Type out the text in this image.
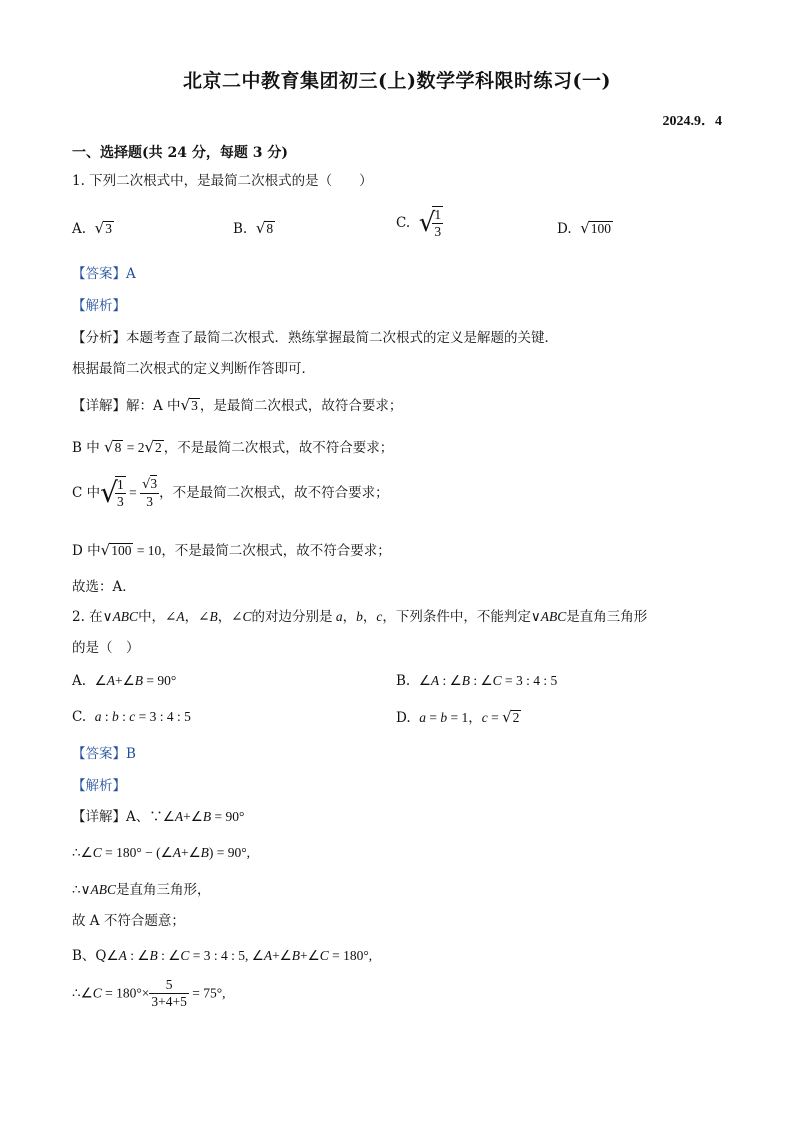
北京二中教育集团初三(上)数学学科限时练习(一)
2024.9．4
一、选择题(共 24 分，每题 3 分)
1. 下列二次根式中，是最简二次根式的是（　　）
A. √3	B. √8	C. √
$\frac{1}{3}$	D. √100
【答案】A
【解析】
【分析】本题考查了最简二次根式．熟练掌握最简二次根式的定义是解题的关键．
根据最简二次根式的定义判断作答即可．
【详解】解：A 中√3 ，是最简二次根式，故符合要求；
B 中 √8 = 2√2 ，不是最简二次根式，故不符合要求；
C 中√
$\frac{1}{3} = \frac{√3}{3}$ ，不是最简二次根式，故不符合要求；
D 中√100 = 10，不是最简二次根式，故不符合要求；
故选：A．
2. 在∨ABC中，∠A，∠B，∠C的对边分别是 a，b，c，下列条件中，不能判定∨ABC是直角三角形
的是（　）
A. ∠A+∠B = 90°	B. ∠A : ∠B : ∠C = 3 : 4 : 5
C. a : b : c = 3 : 4 : 5	D. a = b = 1，c = √2
【答案】B
【解析】
【详解】A、∵∠A+∠B = 90°
∴∠C = 180° − (∠A+∠B) = 90°,
∴∨ABC是直角三角形，
故 A 不符合题意；
B、Q∠A : ∠B : ∠C = 3 : 4 : 5, ∠A+∠B+∠C = 180°,
∴∠C = $180^\circ\times \frac{5}{3+4+5} = 75^\circ$,
